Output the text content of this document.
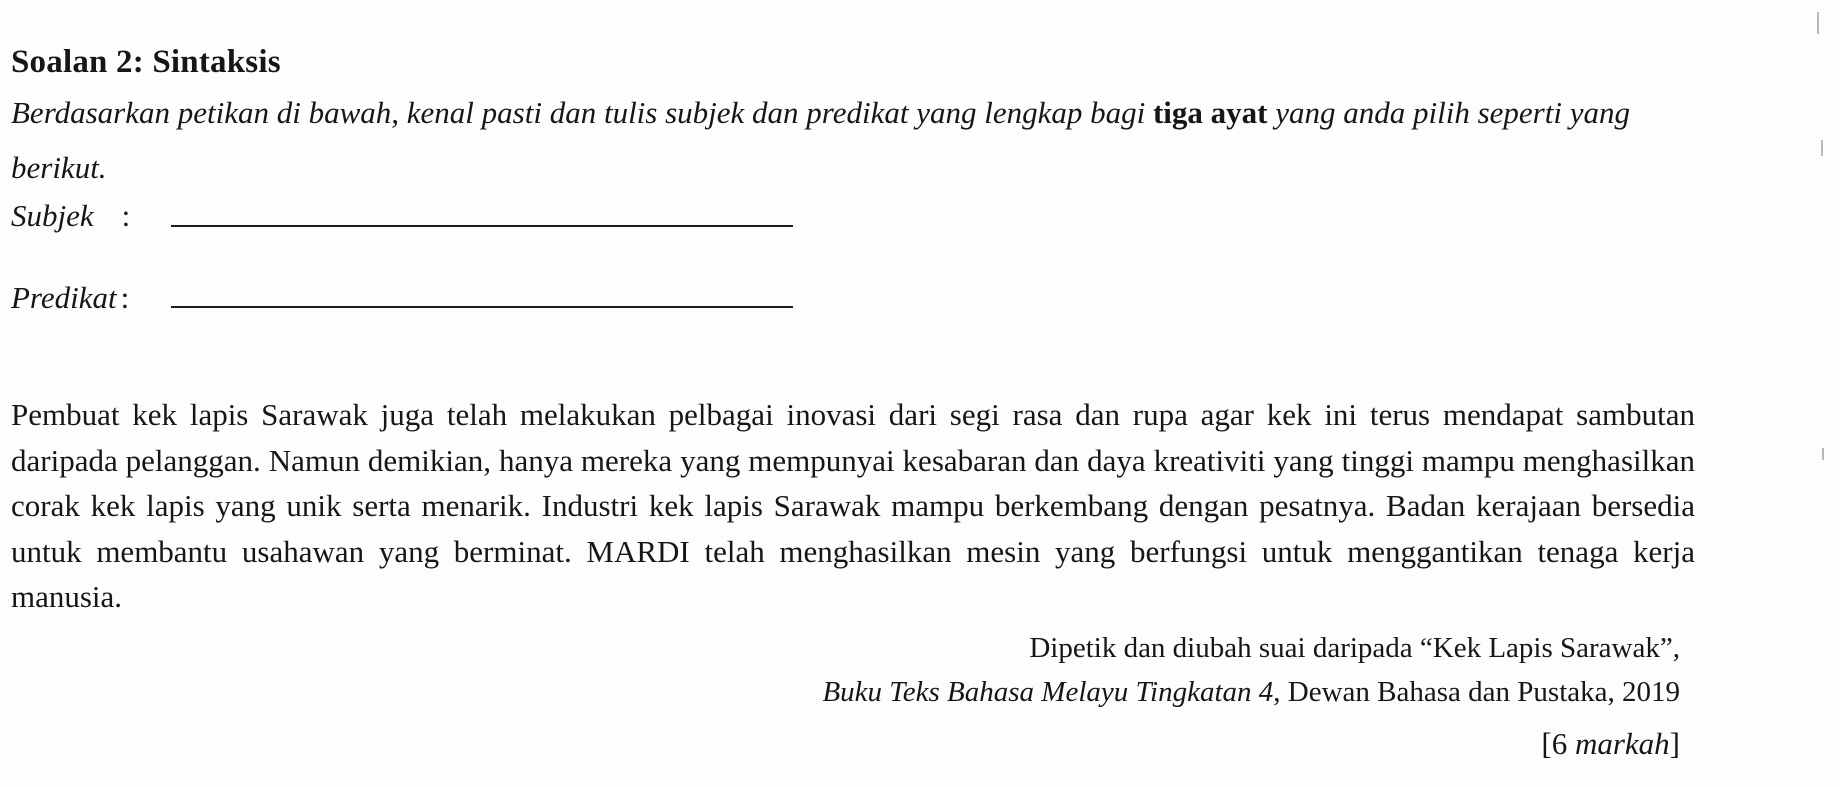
Soalan 2: Sintaksis
Berdasarkan petikan di bawah, kenal pasti dan tulis subjek dan predikat yang lengkap bagi tiga ayat yang anda pilih seperti yang berikut.
Subjek :
Predikat :
Pembuat kek lapis Sarawak juga telah melakukan pelbagai inovasi dari segi rasa dan rupa agar kek ini terus mendapat sambutan daripada pelanggan. Namun demikian, hanya mereka yang mempunyai kesabaran dan daya kreativiti yang tinggi mampu menghasilkan corak kek lapis yang unik serta menarik. Industri kek lapis Sarawak mampu berkembang dengan pesatnya. Badan kerajaan bersedia untuk membantu usahawan yang berminat. MARDI telah menghasilkan mesin yang berfungsi untuk menggantikan tenaga kerja manusia.
Dipetik dan diubah suai daripada “Kek Lapis Sarawak”,
Buku Teks Bahasa Melayu Tingkatan 4, Dewan Bahasa dan Pustaka, 2019
[6 markah]
